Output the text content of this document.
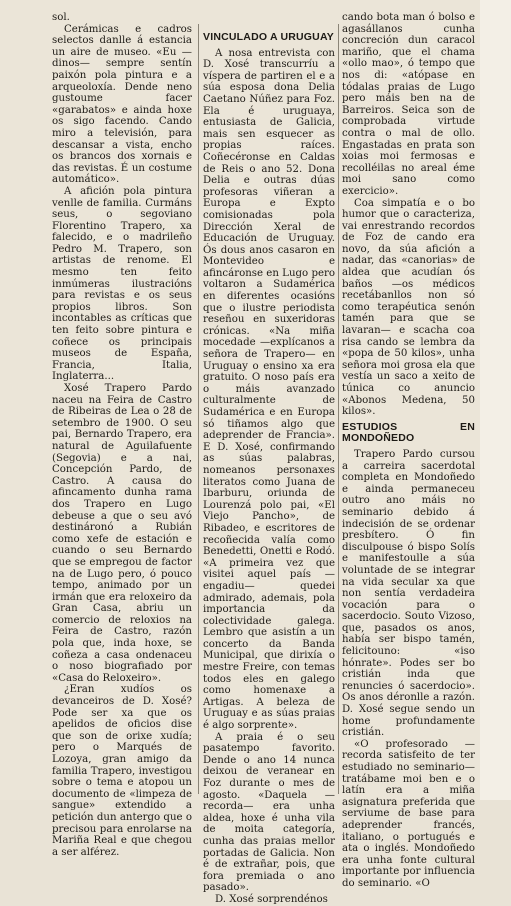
sol.

Cerámicas e cadros selectos danlle á estancia un aire de museo. «Eu —dinos— sempre sentín paixón pola pintura e a arqueoloxía. Dende neno gustoume facer «garabatos» e ainda hoxe os sigo facendo. Cando miro a televisión, para descansar a vista, encho os brancos dos xornais e das revistas. É un costume automático».

A afición pola pintura venlle de familia. Curmáns seus, o segoviano Florentino Trapero, xa falecido, e o madrileño Pedro M. Trapero, son artistas de renome. El mesmo ten feito inmúmeras ilustracións para revistas e os seus propios libros. Son incontables as críticas que ten feito sobre pintura e coñece os principais museos de España, Francia, Italia, Inglaterra...

Xosé Trapero Pardo naceu na Feira de Castro de Ribeiras de Lea o 28 de setembro de 1900. O seu pai, Bernardo Trapero, era natural de Aguilafuente (Segovia) e a nai, Concepción Pardo, de Castro. A causa do afincamento dunha rama dos Trapero en Lugo debeuse a que o seu avó destináronó a Rubián como xefe de estación e cuando o seu Bernardo que se empregou de factor na de Lugo pero, ó pouco tempo, animado por un irmán que era reloxeiro da Gran Casa, abriu un comercio de reloxios na Feira de Castro, razón pola que, inda hoxe, se coñeza a casa ondenaceu o noso biografiado por «Casa do Reloxeiro».

¿Eran xudíos os devanceiros de D. Xosé? Pode ser xa que os apelidos de oficios dise que son de orixe xudía; pero o Marqués de Lozoya, gran amigo da familia Trapero, investigou sobre o tema e atopou un documento de «limpeza de sangue» extendido a petición dun antergo que o precisou para enrolarse na Mariña Real e que chegou a ser alférez.

VINCULADO A URUGUAY

A nosa entrevista con D. Xosé transcurríu a víspera de partiren el e a súa esposa dona Delia Caetano Núñez para Foz. Ela é uruguaya, entusiasta de Galicia, mais sen esquecer as propias raíces. Coñecéronse en Caldas de Reis o ano 52. Dona Delia e outras dúas profesoras viñeran a Europa e Expto comisionadas pola Dirección Xeral de Educación de Uruguay. Ós dous anos casaron en Montevideo e afincáronse en Lugo pero voltaron a Sudamérica en diferentes ocasións que o ilustre periodista reseñou en suxeridoras crónicas. «Na miña mocedade —explícanos a señora de Trapero— en Uruguay o ensino xa era gratuito. O noso país era o máis avanzado culturalmente de Sudamérica e en Europa só tiñamos algo que adeprender de Francia». E D. Xosé, confirmando as súas palabras, nomeanos personaxes literatos como Juana de Ibarburu, oriunda de Lourenzá polo pai, «El Viejo Pancho», de Ribadeo, e escritores de recoñecida valía como Benedetti, Onetti e Rodó. «A primeira vez que visitei aquel país —engadiu— quedei admirado, ademais, pola importancia da colectividade galega. Lembro que asistín a un concerto da Banda Municipal, que dirixía o mestre Freire, con temas todos eles en galego como homenaxe a Artigas. A beleza de Uruguay e as súas praias é algo sorprente».

A praia é o seu pasatempo favorito. Dende o ano 14 nunca deixou de veranear en Foz durante o mes de agosto. «Daquela —recorda— era unha aldea, hoxe é unha vila de moita categoría, cunha das praias mellor portadas de Galicia. Non é de extrañar, pois, que fora premiada o ano pasado».

D. Xosé sorprendénos

cando bota man ó bolso e agasállanos cunha concreción dun caracol mariño, que el chama «ollo mao», ó tempo que nos di: «atópase en tódalas praias de Lugo pero máis ben na de Barreiros. Seica son de comprobada virtude contra o mal de ollo. Engastadas en prata son xoias moi fermosas e recolléilas no areal éme moi sano como exercicio».

Coa simpatía e o bo humor que o caracteriza, vai enrestrando recordos de Foz de cando era novo, da súa afición a nadar, das «canorias» de aldea que acudían ós baños —os médicos recetábanllos non só como terapéutica senón tamén para que se lavaran— e scacha coa risa cando se lembra da «popa de 50 kilos», unha señora moi grosa ela que vestía un saco a xeito de túnica co anuncio «Abonos Medena, 50 kilos».

ESTUDIOS EN MONDOÑEDO

Trapero Pardo cursou a carreira sacerdotal completa en Mondoñedo e ainda permaneceu outro ano máis no seminario debido á indecisión de se ordenar presbítero. Ó fin disculpouse ó bispo Solís e manifestoulle a súa voluntade de se integrar na vida secular xa que non sentía verdadeira vocación para o sacerdocio. Souto Vizoso, que, pasados os anos, había ser bispo tamén, felicitouno: «iso hónrate». Podes ser bo cristián inda que renuncies ó sacerdocio». Os anos déronlle a razón. D. Xosé segue sendo un home profundamente cristián.

«O profesorado —recorda satisfeito de ter estudiado no seminario— tratábame moi ben e o latín era a miña asignatura preferida que serviume de base para adeprender francés, italiano, o portugués e ata o inglés. Mondoñedo era unha fonte cultural importante por influencia do seminario. «O
